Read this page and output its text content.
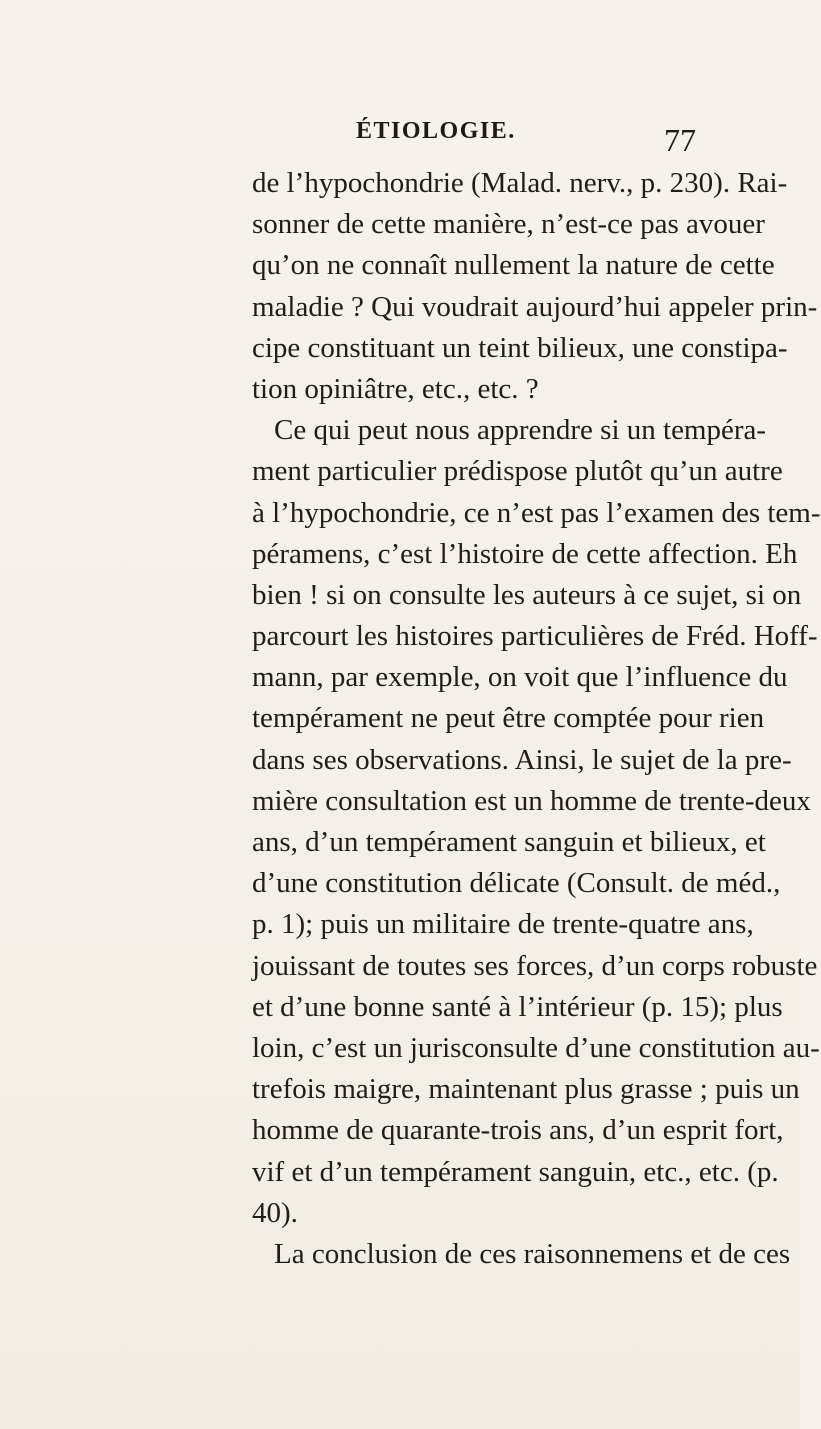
ÉTIOLOGIE.	77
de l’hypochondrie (Malad. nerv., p. 230). Rai-
sonner de cette manière, n’est-ce pas avouer
qu’on ne connaît nullement la nature de cette
maladie ? Qui voudrait aujourd’hui appeler prin-
cipe constituant un teint bilieux, une constipa-
tion opiniâtre, etc., etc. ?
Ce qui peut nous apprendre si un tempéra-
ment particulier prédispose plutôt qu’un autre
à l’hypochondrie, ce n’est pas l’examen des tem-
péramens, c’est l’histoire de cette affection. Eh
bien ! si on consulte les auteurs à ce sujet, si on
parcourt les histoires particulières de Fréd. Hoff-
mann, par exemple, on voit que l’influence du
tempérament ne peut être comptée pour rien
dans ses observations. Ainsi, le sujet de la pre-
mière consultation est un homme de trente-deux
ans, d’un tempérament sanguin et bilieux, et
d’une constitution délicate (Consult. de méd.,
p. 1); puis un militaire de trente-quatre ans,
jouissant de toutes ses forces, d’un corps robuste
et d’une bonne santé à l’intérieur (p. 15); plus
loin, c’est un jurisconsulte d’une constitution au-
trefois maigre, maintenant plus grasse ; puis un
homme de quarante-trois ans, d’un esprit fort,
vif et d’un tempérament sanguin, etc., etc. (p.
40).
La conclusion de ces raisonnemens et de ces
